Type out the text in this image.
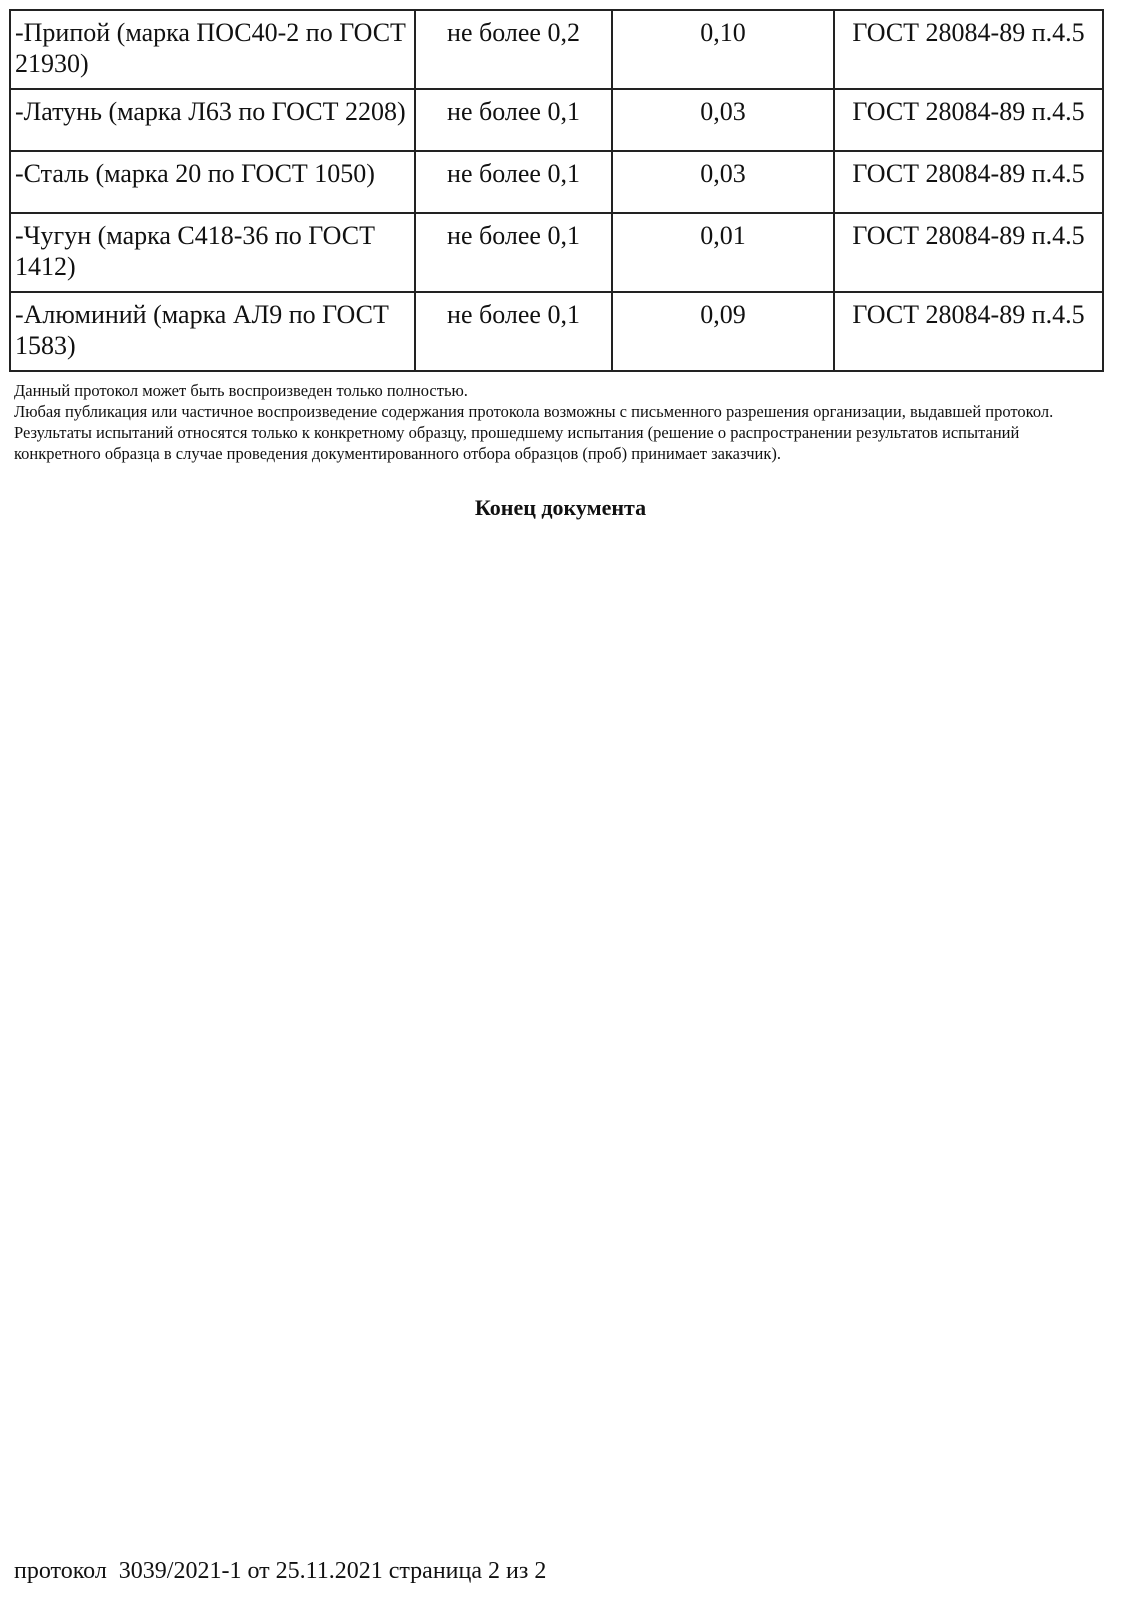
-Припой (марка ПОС40-2 по ГОСТ 21930)	не более 0,2	0,10	ГОСТ 28084-89 п.4.5
-Латунь (марка Л63 по ГОСТ 2208)	не более 0,1	0,03	ГОСТ 28084-89 п.4.5
-Сталь (марка 20 по ГОСТ 1050)	не более 0,1	0,03	ГОСТ 28084-89 п.4.5
-Чугун (марка С418-36 по ГОСТ 1412)	не более 0,1	0,01	ГОСТ 28084-89 п.4.5
-Алюминий (марка АЛ9 по ГОСТ 1583)	не более 0,1	0,09	ГОСТ 28084-89 п.4.5

Данный протокол может быть воспроизведен только полностью.

Любая публикация или частичное воспроизведение содержания протокола возможны с письменного разрешения организации, выдавшей протокол.

Результаты испытаний относятся только к конкретному образцу, прошедшему испытания (решение о распространении результатов испытаний конкретного образца в случае проведения документированного отбора образцов (проб) принимает заказчик).

Конец документа
протокол  3039/2021-1 от 25.11.2021 страница 2 из 2
